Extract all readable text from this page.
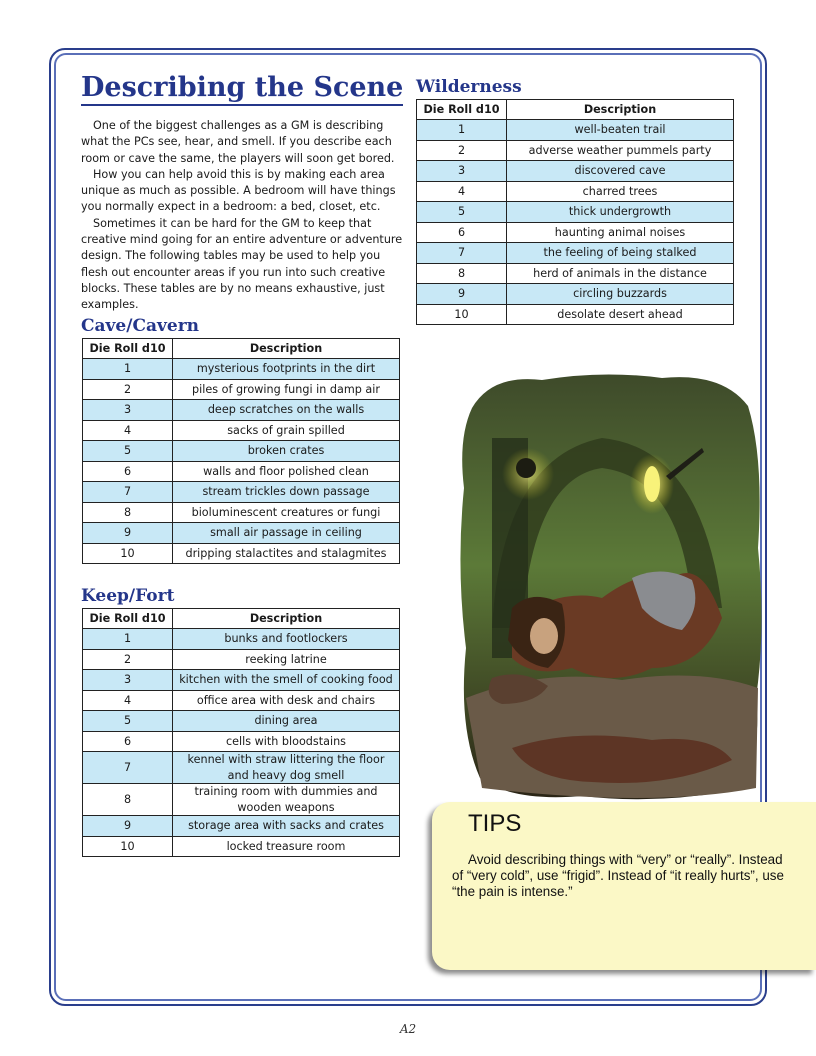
Describing the Scene

One of the biggest challenges as a GM is describing what the PCs see, hear, and smell. If you describe each room or cave the same, the players will soon get bored.

How you can help avoid this is by making each area unique as much as possible. A bedroom will have things you normally expect in a bedroom: a bed, closet, etc.

Sometimes it can be hard for the GM to keep that creative mind going for an entire adventure or adventure design. The following tables may be used to help you flesh out encounter areas if you run into such creative blocks. These tables are by no means exhaustive, just examples.

Cave/Cavern
Die Roll d10	Description
1	mysterious footprints in the dirt
2	piles of growing fungi in damp air
3	deep scratches on the walls
4	sacks of grain spilled
5	broken crates
6	walls and floor polished clean
7	stream trickles down passage
8	bioluminescent creatures or fungi
9	small air passage in ceiling
10	dripping stalactites and stalagmites
Keep/Fort
Die Roll d10	Description
1	bunks and footlockers
2	reeking latrine
3	kitchen with the smell of cooking food
4	office area with desk and chairs
5	dining area
6	cells with bloodstains
7	kennel with straw littering the floor and heavy dog smell
8	training room with dummies and wooden weapons
9	storage area with sacks and crates
10	locked treasure room
Wilderness
Die Roll d10	Description
1	well-beaten trail
2	adverse weather pummels party
3	discovered cave
4	charred trees
5	thick undergrowth
6	haunting animal noises
7	the feeling of being stalked
8	herd of animals in the distance
9	circling buzzards
10	desolate desert ahead
TIPS
Avoid describing things with “very” or “really”. Instead of “very cold”, use “frigid”. Instead of “it really hurts”, use “the pain is intense.”
A2
